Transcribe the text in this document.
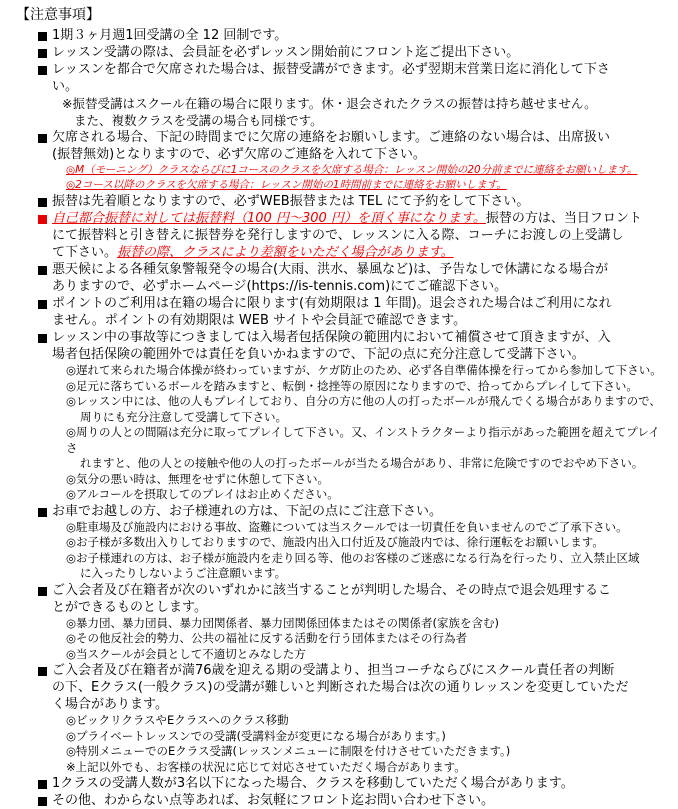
【注意事項】
1期３ヶ月週1回受講の全 12 回制です。
レッスン受講の際は、会員証を必ずレッスン開始前にフロント迄ご提出下さい。
レッスンを都合で欠席された場合は、振替受講ができます。必ず翌期末営業日迄に消化して下さ
い。
※振替受講はスクール在籍の場合に限ります。休・退会されたクラスの振替は持ち越せません。
また、複数クラスを受講の場合も同様です。
欠席される場合、下記の時間までに欠席の連絡をお願いします。ご連絡のない場合は、出席扱い
(振替無効)となりますので、必ず欠席のご連絡を入れて下さい。
◎M（モーニング）クラスならびに1コースのクラスを欠席する場合：レッスン開始の20分前までに連絡をお願いします。
◎2コース以降のクラスを欠席する場合：レッスン開始の1時間前までに連絡をお願いします。
振替は先着順となりますので、必ずWEB振替または TEL にて予約をして下さい。
自己都合振替に対しては振替料（100 円～300 円）を頂く事になります。振替の方は、当日フロント
にて振替料と引き替えに振替券を発行しますので、レッスンに入る際、コーチにお渡しの上受講し
て下さい。振替の際、クラスにより差額をいただく場合があります。
悪天候による各種気象警報発令の場合(大雨、洪水、暴風など)は、予告なしで休講になる場合が
ありますので、必ずホームページ(https://is-tennis.com)にてご確認下さい。
ポイントのご利用は在籍の場合に限ります(有効期限は 1 年間)。退会された場合はご利用になれ
ません。ポイントの有効期限は WEB サイトや会員証で確認できます。
レッスン中の事故等につきましては入場者包括保険の範囲内において補償させて頂きますが、入
場者包括保険の範囲外では責任を負いかねますので、下記の点に充分注意して受講下さい。
◎遅れて来られた場合体操が終わっていますが、ケガ防止のため、必ず各自準備体操を行ってから参加して下さい。
◎足元に落ちているボールを踏みますと、転倒・捻挫等の原因になりますので、拾ってからプレイして下さい。
◎レッスン中には、他の人もプレイしており、自分の方に他の人の打ったボールが飛んでくる場合がありますので、
周りにも充分注意して受講して下さい。
◎周りの人との間隔は充分に取ってプレイして下さい。又、インストラクターより指示があった範囲を超えてプレイさ
れますと、他の人との接触や他の人の打ったボールが当たる場合があり、非常に危険ですのでおやめ下さい。
◎気分の悪い時は、無理をせずに休憩して下さい。
◎アルコールを摂取してのプレイはお止めください。
お車でお越しの方、お子様連れの方は、下記の点にご注意下さい。
◎駐車場及び施設内における事故、盗難については当スクールでは一切責任を負いませんのでご了承下さい。
◎お子様が多数出入りしておりますので、施設内出入口付近及び施設内では、徐行運転をお願いします。
◎お子様連れの方は、お子様が施設内を走り回る等、他のお客様のご迷惑になる行為を行ったり、立入禁止区域
に入ったりしないようご注意願います。
ご入会者及び在籍者が次のいずれかに該当することが判明した場合、その時点で退会処理するこ
とができるものとします。
◎暴力団、暴力団員、暴力団関係者、暴力団関係団体またはその関係者(家族を含む)
◎その他反社会的勢力、公共の福祉に反する活動を行う団体またはその行為者
◎当スクールが会員として不適切とみなした方
ご入会者及び在籍者が満76歳を迎える期の受講より、担当コーチならびにスクール責任者の判断
の下、Eクラス(一般クラス)の受講が難しいと判断された場合は次の通りレッスンを変更していただ
く場合があります。
◎ビックリクラスやEクラスへのクラス移動
◎プライベートレッスンでの受講(受講料金が変更になる場合があります。)
◎特別メニューでのEクラス受講(レッスンメニューに制限を付けさせていただきます。)
※上記以外でも、お客様の状況に応じて対応させていただく場合があります。
1クラスの受講人数が3名以下になった場合、クラスを移動していただく場合があります。
その他、わからない点等あれば、お気軽にフロント迄お問い合わせ下さい。
